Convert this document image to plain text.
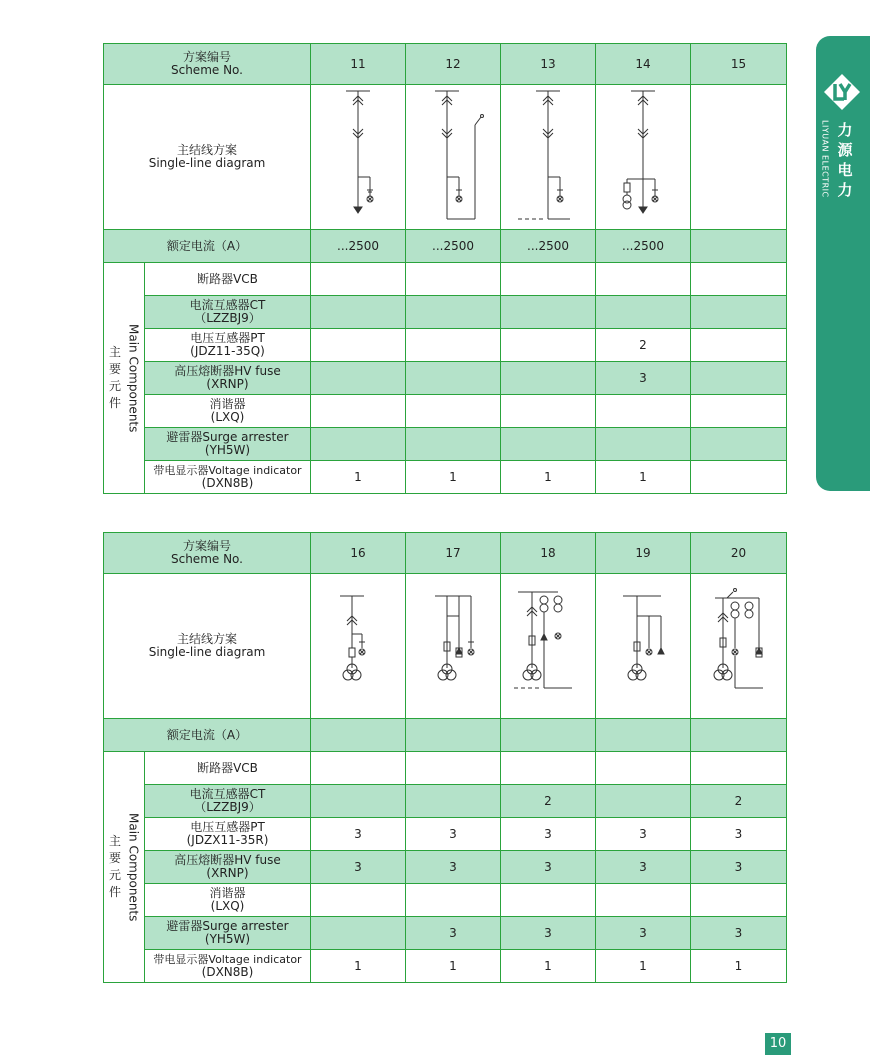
LIYUAN ELECTRIC 力
源
电
力
方案编号
Scheme No.		11	12	13	14	15

主结线方案
Single-line diagram

额定电流（A）		...2500	...2500	...2500	...2500	

主
要
元
件 Main Components	断路器VCB					

	电流互感器CT
（LZZBJ9）					

	电压互感器PT
(JDZ11-35Q)				2	

	高压熔断器HV fuse
(XRNP)				3	

	消谐器
(LXQ)					

	避雷器Surge arrester
(YH5W)					

	带电显示器Voltage indicator
(DXN8B)	1	1	1	1	
方案编号
Scheme No.		16	17	18	19	20

主结线方案
Single-line diagram

额定电流（A）						

主
要
元
件 Main Components	断路器VCB					

	电流互感器CT
（LZZBJ9）			2		2

	电压互感器PT
(JDZX11-35R)	3	3	3	3	3

	高压熔断器HV fuse
(XRNP)	3	3	3	3	3

	消谐器
(LXQ)					

	避雷器Surge arrester
(YH5W)		3	3	3	3

	带电显示器Voltage indicator
(DXN8B)	1	1	1	1	1
10
